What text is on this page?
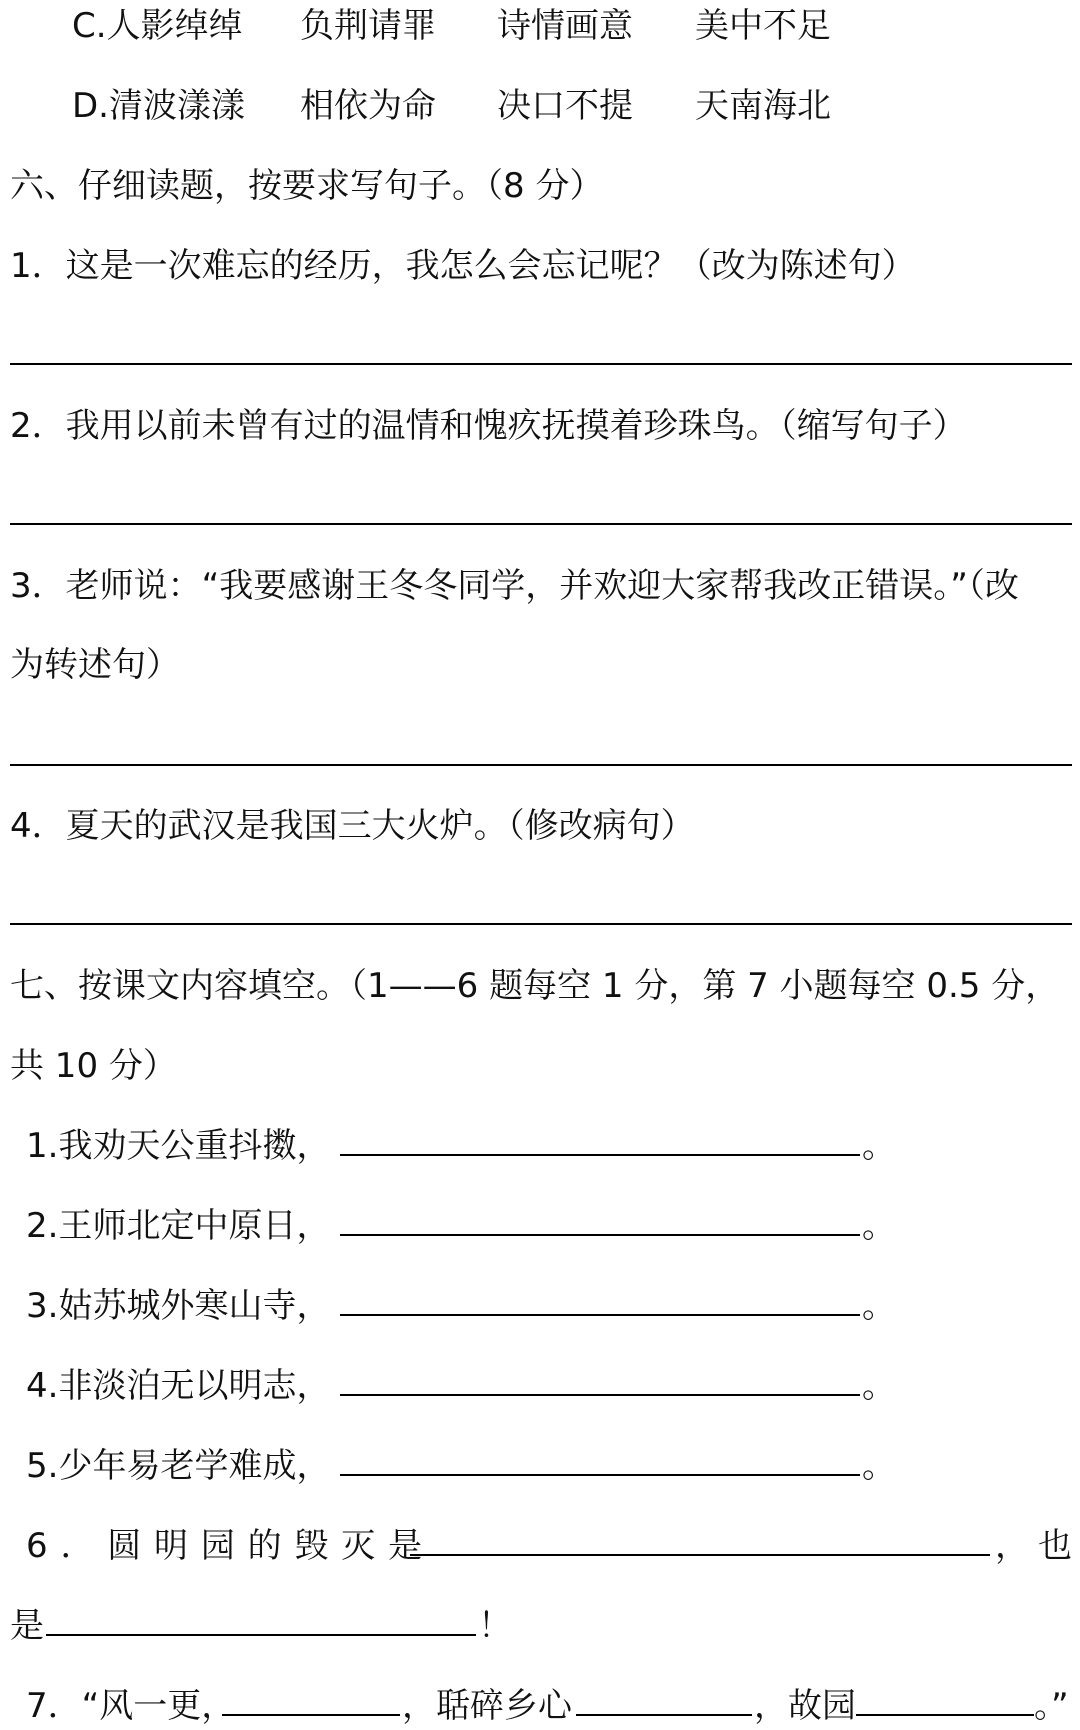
C.人影绰绰 负荆请罪 诗情画意 美中不足
D.清波漾漾 相依为命 决口不提 天南海北
六、仔细读题，按要求写句子。（8 分）
1．这是一次难忘的经历，我怎么会忘记呢？（改为陈述句）
2．我用以前未曾有过的温情和愧疚抚摸着珍珠鸟。（缩写句子）
3．老师说：“我要感谢王冬冬同学，并欢迎大家帮我改正错误。”（改
为转述句）
4．夏天的武汉是我国三大火炉。（修改病句）
七、按课文内容填空。（1——6 题每空 1 分，第 7 小题每空 0.5 分，
共 10 分）
1.我劝天公重抖擞，	。
2.王师北定中原日，	。
3.姑苏城外寒山寺，	。
4.非淡泊无以明志，	。
5.少年易老学难成，	。
6 ． 圆 明 园 的 毁 灭 是	， 也
是	！
7．“风一更，	，聒碎乡心	，故园	。”
